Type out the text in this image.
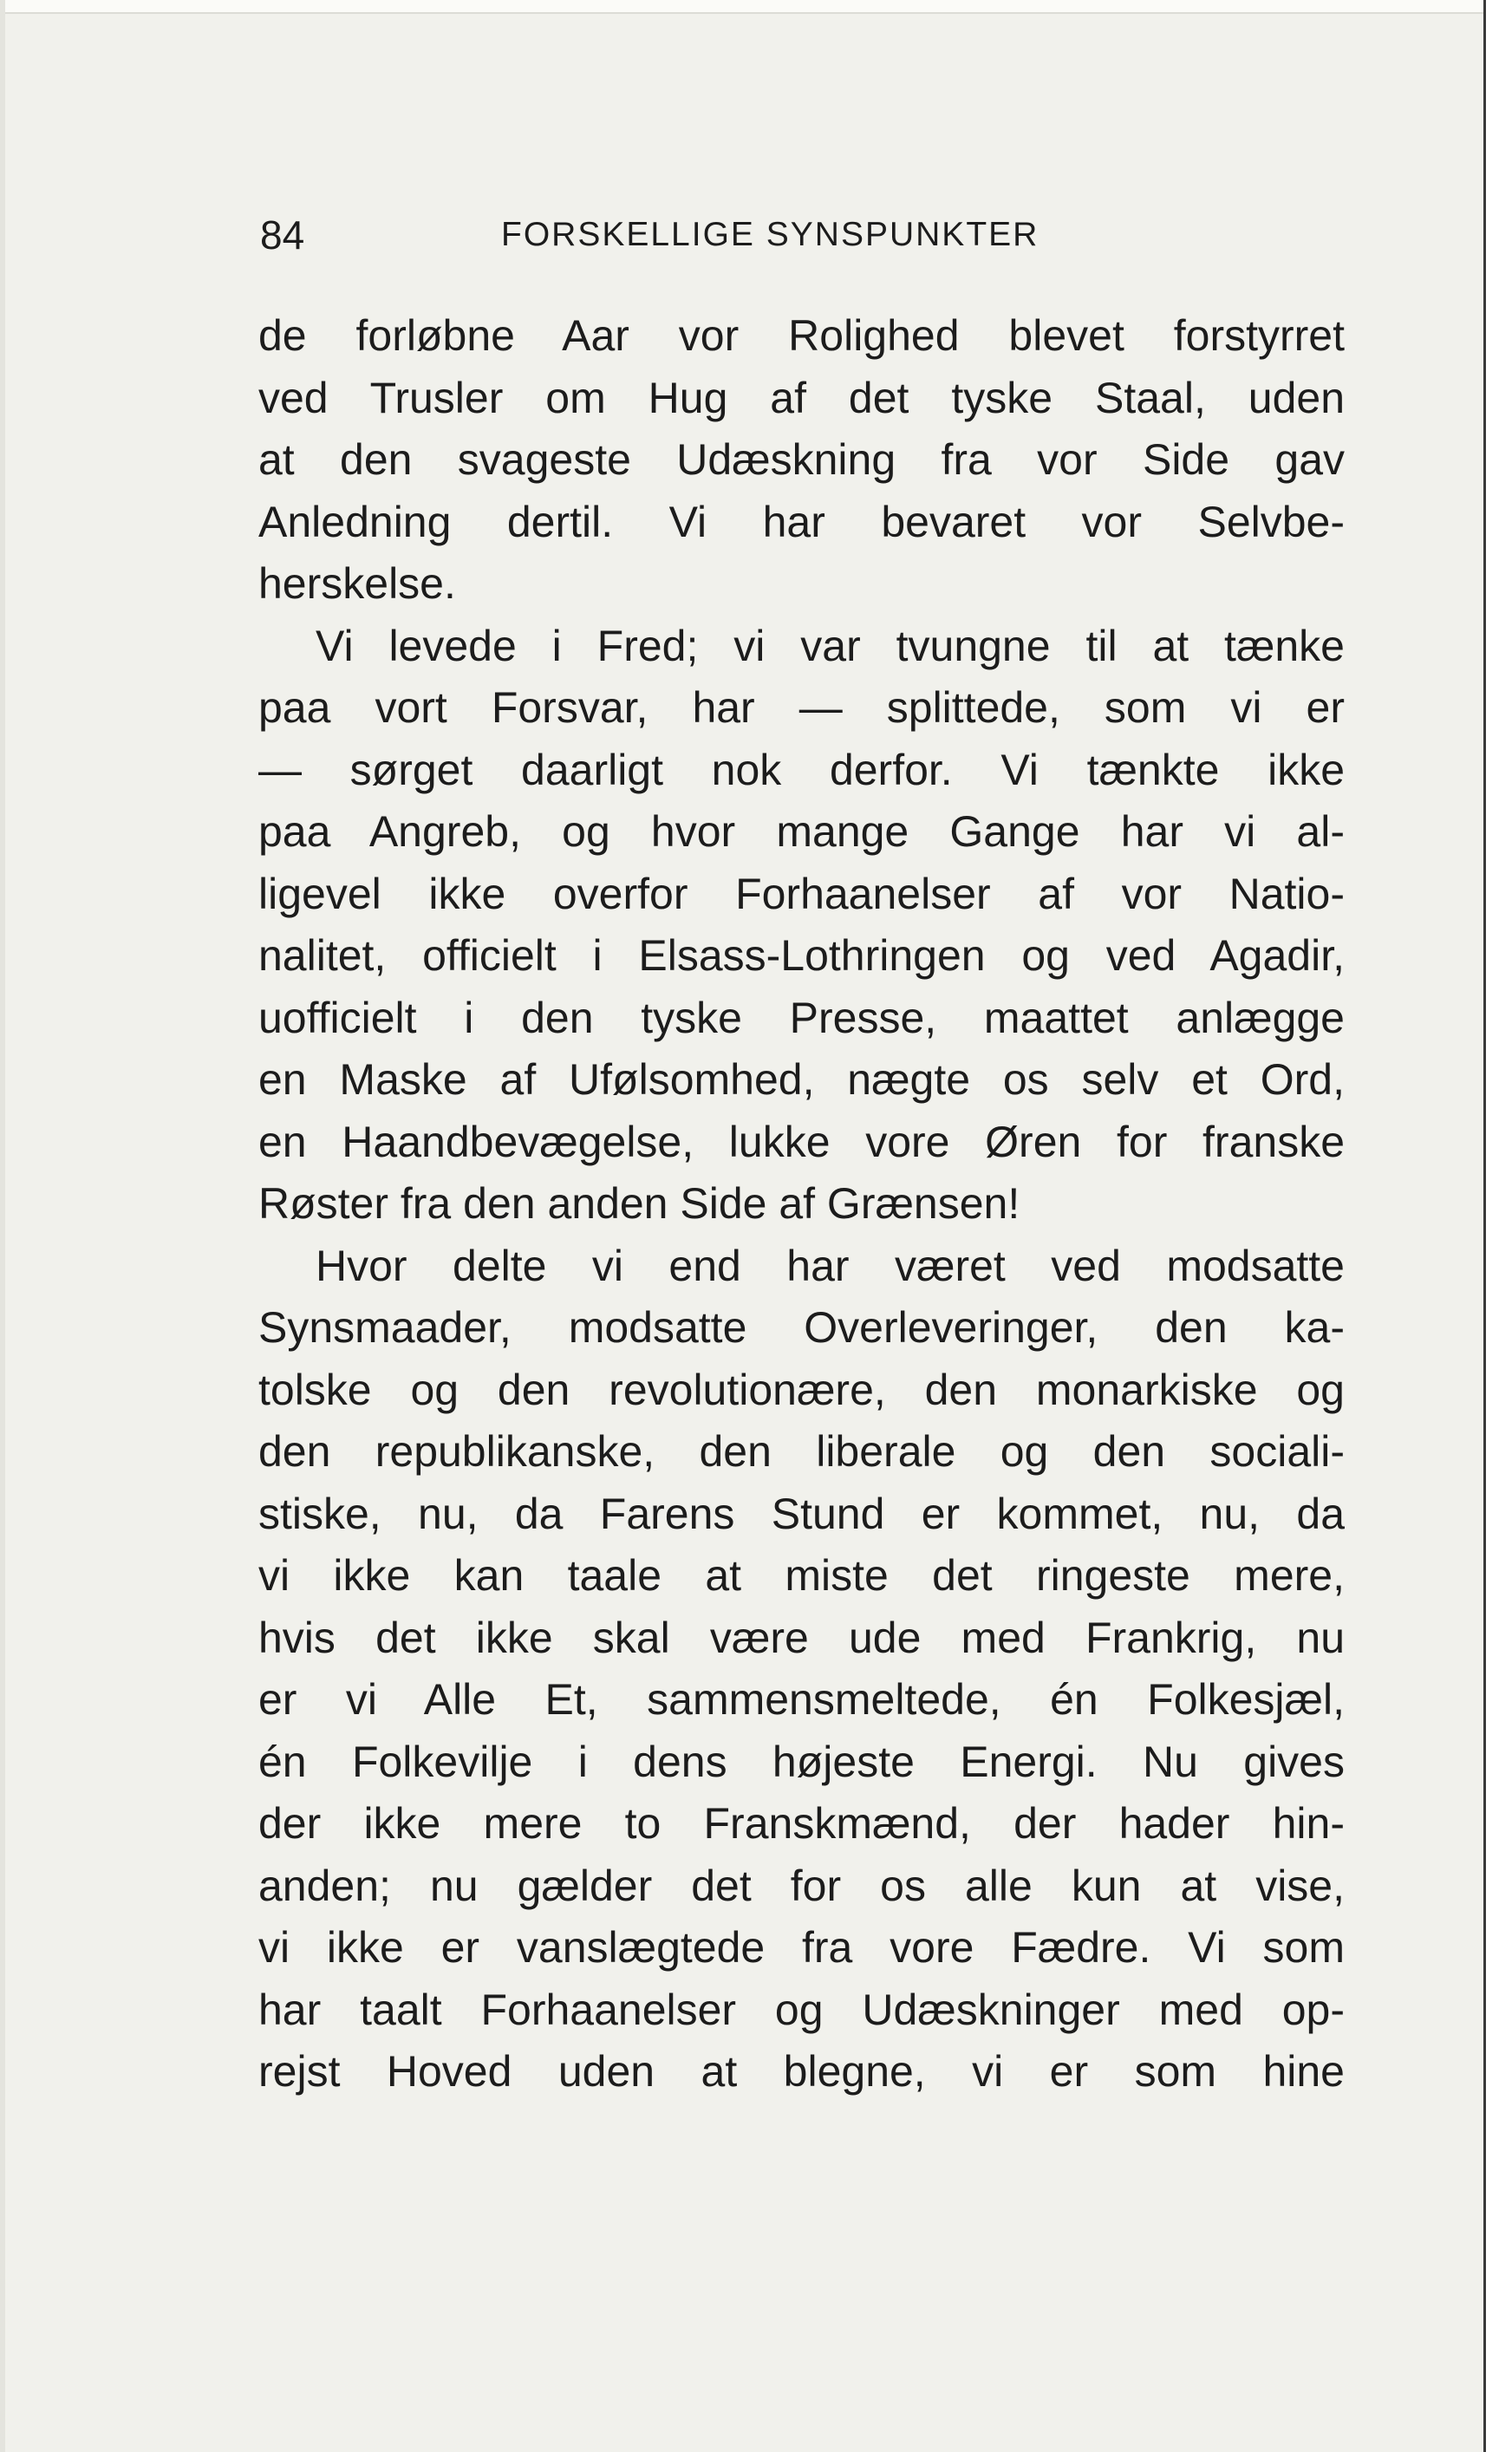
84	FORSKELLIGE SYNSPUNKTER
de forløbne Aar vor Rolighed blevet forstyrret
ved Trusler om Hug af det tyske Staal, uden
at den svageste Udæskning fra vor Side gav
Anledning dertil. Vi har bevaret vor Selvbe-
herskelse.
Vi levede i Fred; vi var tvungne til at tænke
paa vort Forsvar, har — splittede, som vi er
— sørget daarligt nok derfor. Vi tænkte ikke
paa Angreb, og hvor mange Gange har vi al-
ligevel ikke overfor Forhaanelser af vor Natio-
nalitet, officielt i Elsass-Lothringen og ved Agadir,
uofficielt i den tyske Presse, maattet anlægge
en Maske af Ufølsomhed, nægte os selv et Ord,
en Haandbevægelse, lukke vore Øren for franske
Røster fra den anden Side af Grænsen!
Hvor delte vi end har været ved modsatte
Synsmaader, modsatte Overleveringer, den ka-
tolske og den revolutionære, den monarkiske og
den republikanske, den liberale og den sociali-
stiske, nu, da Farens Stund er kommet, nu, da
vi ikke kan taale at miste det ringeste mere,
hvis det ikke skal være ude med Frankrig, nu
er vi Alle Et, sammensmeltede, én Folkesjæl,
én Folkevilje i dens højeste Energi. Nu gives
der ikke mere to Franskmænd, der hader hin-
anden; nu gælder det for os alle kun at vise,
vi ikke er vanslægtede fra vore Fædre. Vi som
har taalt Forhaanelser og Udæskninger med op-
rejst Hoved uden at blegne, vi er som hine
